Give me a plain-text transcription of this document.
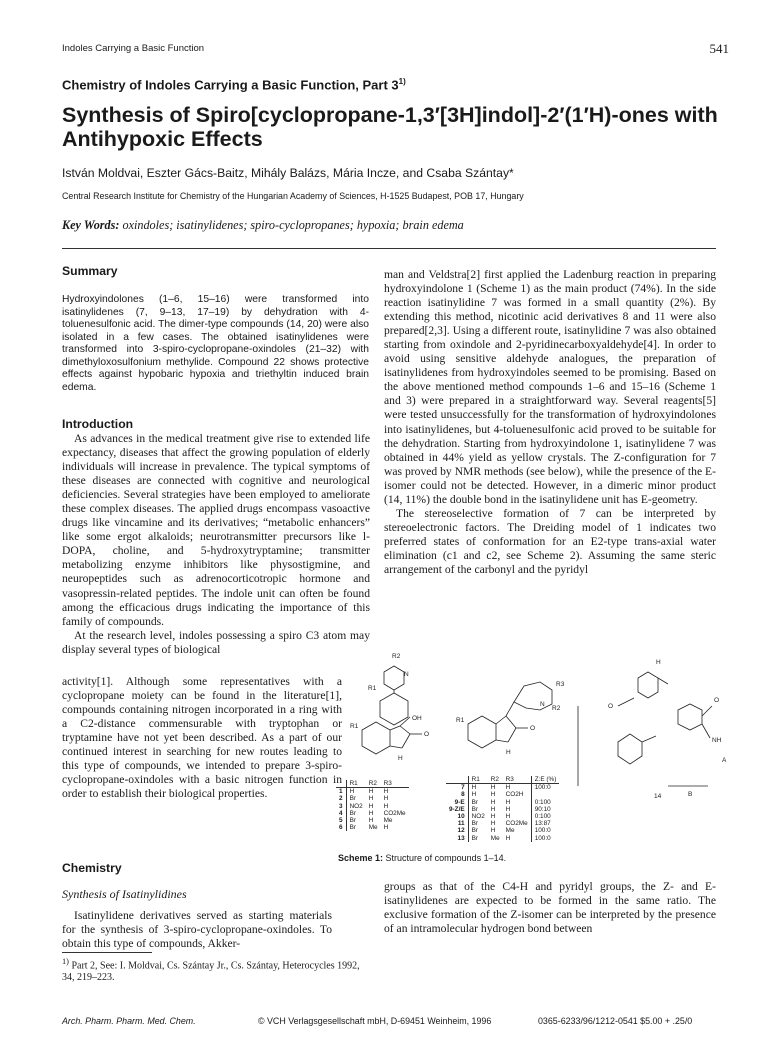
Indoles Carrying a Basic Function	541
Chemistry of Indoles Carrying a Basic Function, Part 3$^{1)}$
Synthesis of Spiro[cyclopropane-1,3′[3H]indol]-2′(1′H)-ones with
Antihypoxic Effects
István Moldvai, Eszter Gács-Baitz, Mihály Balázs, Mária Incze, and Csaba Szántay*
Central Research Institute for Chemistry of the Hungarian Academy of Sciences, H-1525 Budapest, POB 17, Hungary
Key Words: oxindoles; isatinylidenes; spiro-cyclopropanes; hypoxia; brain edema
Summary
Hydroxyindolones (1–6, 15–16) were transformed into isatinylidenes (7, 9–13, 17–19) by dehydration with 4-toluenesulfonic acid. The dimer-type compounds (14, 20) were also isolated in a few cases. The obtained isatinylidenes were transformed into 3-spiro-cyclopropane-oxindoles (21–32) with dimethyloxosulfonium methylide. Compound 22 shows protective effects against hypobaric hypoxia and triethyltin induced brain edema.
Introduction

As advances in the medical treatment give rise to extended life expectancy, diseases that affect the growing population of elderly individuals will increase in prevalence. The typical symptoms of these diseases are connected with cognitive and neurological deficiencies. Several strategies have been employed to ameliorate these complex diseases. The applied drugs encompass vasoactive drugs like vincamine and its derivatives; “metabolic enhancers” like some ergot alkaloids; neurotransmitter precursors like l-DOPA, choline, and 5-hydroxytryptamine; transmitter metabolizing enzyme inhibitors like physostigmine, and neuropeptides such as adrenocorticotropic hormone and vasopressin-related peptides. The indole unit can often be found among the efficacious drugs indicating the importance of this family of compounds.

At the research level, indoles possessing a spiro C3 atom may display several types of biological

activity[1]. Although some representatives with a cyclopropane moiety can be found in the literature[1], compounds containing nitrogen incorporated in a ring with a C2-distance commensurable with tryptophan or tryptamine have not yet been described. As a part of our continued interest in searching for new routes leading to this type of compounds, we intended to prepare 3-spiro-cyclopropane-oxindoles with a basic nitrogen function in order to establish their biological properties.
Chemistry
Synthesis of Isatinylidines

Isatinylidene derivatives served as starting materials for the synthesis of 3-spiro-cyclopropane-oxindoles. To obtain this type of compounds, Akker-

$^{1)}$ Part 2, See: I. Moldvai, Cs. Szántay Jr., Cs. Szántay, Heterocycles 1992, 34, 219–223.

man and Veldstra[2] first applied the Ladenburg reaction in preparing hydroxyindolone 1 (Scheme 1) as the main product (74%). In the side reaction isatinylidine 7 was formed in a small quantity (2%). By extending this method, nicotinic acid derivatives 8 and 11 were also prepared[2,3]. Using a different route, isatinylidine 7 was also obtained starting from oxindole and 2-pyridinecarboxyaldehyde[4]. In order to avoid using sensitive aldehyde analogues, the preparation of isatinylidenes from hydroxyindoles seemed to be promising. Based on the above mentioned method compounds 1–6 and 15–16 (Scheme 1 and 3) were prepared in a straightforward way. Several reagents[5] were tested unsuccessfully for the transformation of hydroxyindolones into isatinylidenes, but 4-toluenesulfonic acid proved to be suitable for the dehydration. Starting from hydroxyindolone 1, isatinylidene 7 was obtained in 44% yield as yellow crystals. The Z-configuration for 7 was proved by NMR methods (see below), while the presence of the E-isomer could not be detected. However, in a dimeric minor product (14, 11%) the double bond in the isatinylidene unit has E-geometry.

The stereoselective formation of 7 can be interpreted by stereoelectronic factors. The Dreiding model of 1 indicates two preferred states of conformation for an E2-type trans-axial water elimination (c1 and c2, see Scheme 2). Assuming the same steric arrangement of the carbonyl and the pyridyl

groups as that of the C4-H and pyridyl groups, the Z- and E-isatinylidenes are expected to be formed in the same ratio. The exclusive formation of the Z-isomer can be interpreted by the presence of an intramolecular hydrogen bond between
R1
R2
R1
OH
O
H
N
R1
R3
R2
O
H
N
H
O
O
NH
A
B
14
	R1	R2	R3
1	H	H	H
2	Br	H	H
3	NO2	H	H
4	Br	H	CO2Me
5	Br	H	Me
6	Br	Me	H
	R1	R2	R3	Z:E (%)
7	H	H	H	100:0
8	H	H	CO2H	
9-E	Br	H	H	0:100
9-Z/E	Br	H	H	90:10
10	NO2	H	H	0:100
11	Br	H	CO2Me	13:87
12	Br	H	Me	100:0
13	Br	Me	H	100:0
Scheme 1: Structure of compounds 1–14.
Arch. Pharm. Pharm. Med. Chem.	© VCH Verlagsgesellschaft mbH, D-69451 Weinheim, 1996	0365-6233/96/1212-0541 $5.00 + .25/0
